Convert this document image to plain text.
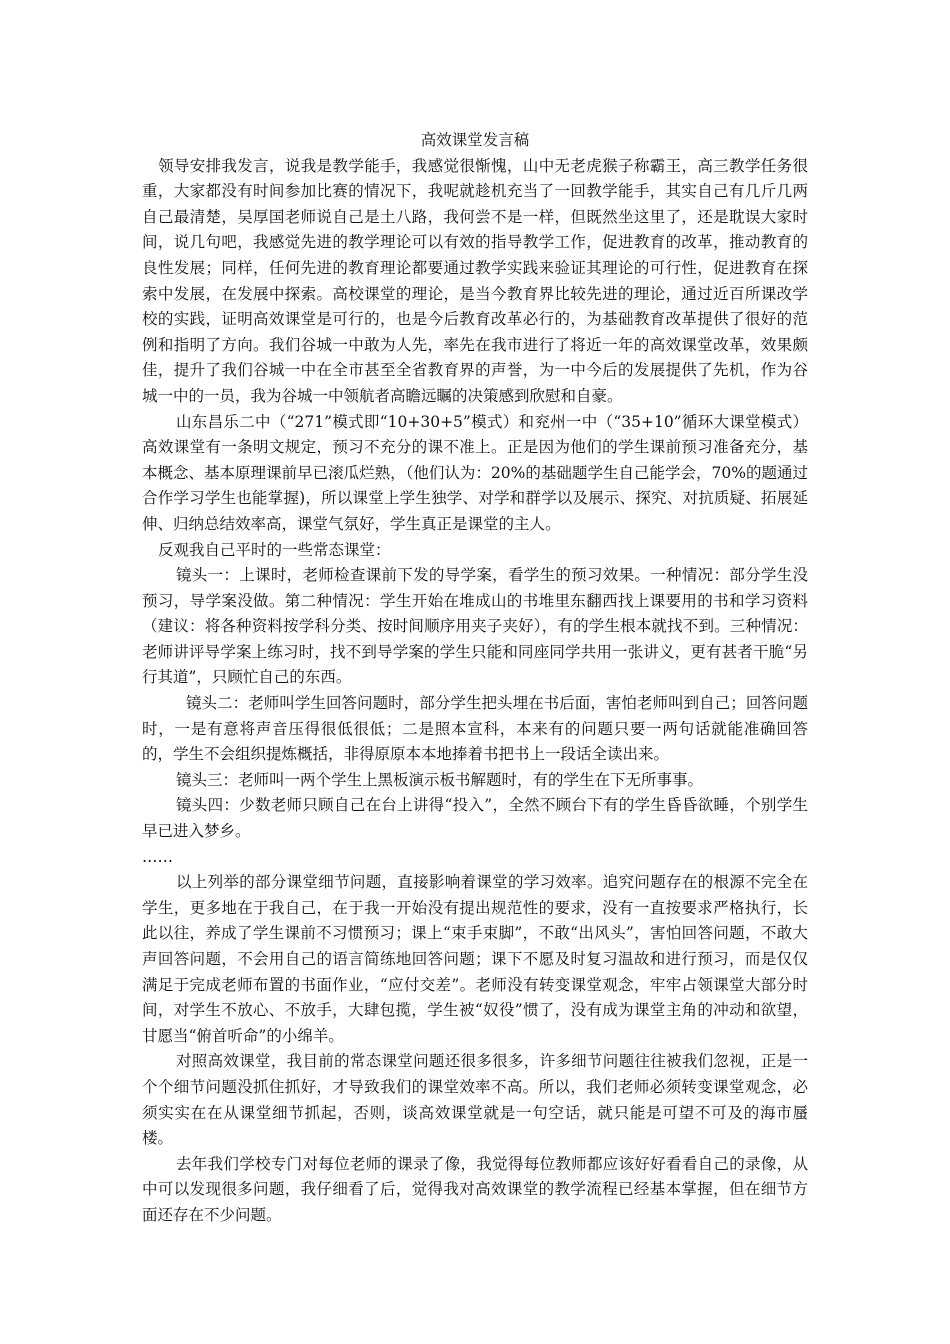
高效课堂发言稿

领导安排我发言，说我是教学能手，我感觉很惭愧，山中无老虎猴子称霸王，高三教学任务很重，大家都没有时间参加比赛的情况下，我呢就趁机充当了一回教学能手，其实自己有几斤几两自己最清楚，吴厚国老师说自己是土八路，我何尝不是一样，但既然坐这里了，还是耽误大家时间，说几句吧，我感觉先进的教学理论可以有效的指导教学工作，促进教育的改革，推动教育的良性发展；同样，任何先进的教育理论都要通过教学实践来验证其理论的可行性，促进教育在探索中发展，在发展中探索。高校课堂的理论，是当今教育界比较先进的理论，通过近百所课改学校的实践，证明高效课堂是可行的，也是今后教育改革必行的，为基础教育改革提供了很好的范例和指明了方向。我们谷城一中敢为人先，率先在我市进行了将近一年的高效课堂改革，效果颇佳，提升了我们谷城一中在全市甚至全省教育界的声誉，为一中今后的发展提供了先机，作为谷城一中的一员，我为谷城一中领航者高瞻远瞩的决策感到欣慰和自豪。

山东昌乐二中（“271”模式即“10+30+5”模式）和兖州一中（“35+10”循环大课堂模式）高效课堂有一条明文规定，预习不充分的课不准上。正是因为他们的学生课前预习准备充分，基本概念、基本原理课前早已滚瓜烂熟，（他们认为：20%的基础题学生自己能学会，70%的题通过合作学习学生也能掌握)，所以课堂上学生独学、对学和群学以及展示、探究、对抗质疑、拓展延伸、归纳总结效率高，课堂气氛好，学生真正是课堂的主人。

反观我自己平时的一些常态课堂：

镜头一：上课时，老师检查课前下发的导学案，看学生的预习效果。一种情况：部分学生没预习，导学案没做。第二种情况：学生开始在堆成山的书堆里东翻西找上课要用的书和学习资料（建议：将各种资料按学科分类、按时间顺序用夹子夹好），有的学生根本就找不到。三种情况：老师讲评导学案上练习时，找不到导学案的学生只能和同座同学共用一张讲义，更有甚者干脆“另行其道”，只顾忙自己的东西。

镜头二：老师叫学生回答问题时，部分学生把头埋在书后面，害怕老师叫到自己；回答问题时，一是有意将声音压得很低很低；二是照本宣科，本来有的问题只要一两句话就能准确回答的，学生不会组织提炼概括，非得原原本本地捧着书把书上一段话全读出来。

镜头三：老师叫一两个学生上黑板演示板书解题时，有的学生在下无所事事。

镜头四：少数老师只顾自己在台上讲得“投入”，全然不顾台下有的学生昏昏欲睡，个别学生早已进入梦乡。

……

以上列举的部分课堂细节问题，直接影响着课堂的学习效率。追究问题存在的根源不完全在学生，更多地在于我自己，在于我一开始没有提出规范性的要求，没有一直按要求严格执行，长此以往，养成了学生课前不习惯预习；课上“束手束脚”，不敢“出风头”，害怕回答问题，不敢大声回答问题，不会用自己的语言简练地回答问题；课下不愿及时复习温故和进行预习，而是仅仅满足于完成老师布置的书面作业，“应付交差”。老师没有转变课堂观念，牢牢占领课堂大部分时间，对学生不放心、不放手，大肆包揽，学生被“奴役”惯了，没有成为课堂主角的冲动和欲望，甘愿当“俯首听命”的小绵羊。

对照高效课堂，我目前的常态课堂问题还很多很多，许多细节问题往往被我们忽视，正是一个个细节问题没抓住抓好，才导致我们的课堂效率不高。所以，我们老师必须转变课堂观念，必须实实在在从课堂细节抓起，否则，谈高效课堂就是一句空话，就只能是可望不可及的海市蜃楼。

去年我们学校专门对每位老师的课录了像，我觉得每位教师都应该好好看看自己的录像，从中可以发现很多问题，我仔细看了后，觉得我对高效课堂的教学流程已经基本掌握，但在细节方面还存在不少问题。
